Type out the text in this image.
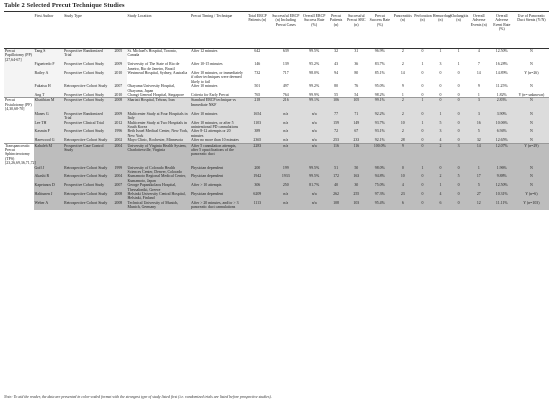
Table 2 Selected Precut Technique Studies
	First Author	Study Type		Study Location	Precut Timing / Technique	Total ERCP Patients (n)	Successful ERCP (n) Including Precut Cases	Overall ERCP Success Rate (%)	Precut Patients (n)	Successful Precut SBC (n)	Precut Success Rate (%)	Pancreatitis (n)	Perforation (n)	Hemorrhage (n)	Cholangitis (n)	Overall Adverse Events (n)	Overall Adverse Event Rate (%)	Use of Pancreatic Duct Stents (Y/N)
Precut Papillotomy (PP) [27,64-67]	Tang S	Prospective Randomized Trial	2005	St. Michael's Hospital, Toronto, Canada	After 12 minutes	642	639	99.5%	32	31	96.9%	2	0	1	1	4	12.50%	N
	Figueiredo F	Prospective Cohort Study	2009	University of The State of Rio de Janeiro, Rio de Janeiro, Brazil	After 10-15 minutes	146	139	95.2%	43	36	83.7%	2	1	3	1	7	16.28%	N
	Bailey A	Prospective Cohort Study	2010	Westmead Hospital, Sydney, Australia	After 10 minutes, or immediately if other techniques were deemed likely to fail	732	717	98.0%	94	80	85.1%	14	0	0	0	14	14.89%	Y (n=26)
	Fukatsu H	Retrospective Cohort Study	2007	Okayama University Hospital, Okayama, Japan	After 10 minutes	501	497	99.2%	80	76	95.0%	9	0	0	0	9	11.25%	N
	Ang T	Prospective Cohort Study	2010	Changi General Hospital, Singapore	Criteria for Early Precut	765	764	99.9%	55	54	98.2%	1	0	0	0	1	1.82%	Y (n= unknown)
Precut Fistulotomy (PF) [4,30,68-70]	Khatibian M	Prospective Cohort Study	2008	Shariati Hospital, Tehran, Iran	Standard ERCP technique vs Immediate NKF	218	216	99.1%	106	105	99.1%	2	1	0	0	3	2.83%	N
	Manes G	Prospective Randomized Trial	2009	Multicenter Study at Four Hospitals in Italy	After 10 minutes	1654	n/a	n/a	77	71	92.2%	2	0	1	0	3	3.90%	N
	Lee TH	Prospective Clinical Trial	2012	Multicenter Study at Two Hospitals in South Korea	After 10 minutes, or after 5 unintentional PD cannulations	1103	n/a	n/a	159	149	93.7%	10	1	5	0	16	10.06%	N
	Kasmin F	Prospective Cohort Study	1996	Beth Israel Medical Center, New York, New York	After 8-12 attempts or 20 minutes	389	n/a	n/a	72	67	93.1%	2	0	3	0	5	6.94%	N
	Harewood G	Retrospective Cohort Study	2002	Mayo Clinic, Rochester, Minnesota	After no more than 10 minutes	2365	n/a	n/a	253	233	92.1%	28	0	4	0	32	12.65%	N
Transpancreatic Precut Sphincterotomy (TPS) [23,26,69,36,71,72]	Kahaleh M	Prospective Case Control Study	2004	University of Virginia Health System, Charlottesville, Virginia	After 5 cannulation attempts, after 5 opacifications of the pancreatic duct	2283	n/a	n/a	116	116	100.0%	9	0	2	3	14	12.07%	Y (n=29)
	Goff J	Retrospective Cohort Study	1999	University of Colorado Health Sciences Center, Denver, Colorado	Physician dependent	200	199	99.5%	51	50	98.0%	0	1	0	0	1	1.96%	N
	Akashi R	Retrospective Cohort Study	2004	Kumamoto Regional Medical Center, Kumamoto, Japan	Physician dependent	1942	1933	99.5%	172	163	94.8%	10	0	2	5	17	9.88%	N
	Kapetanos D	Prospective Cohort Study	2007	George Papanikolaou Hospital, Thessaloniki, Greece	After > 10 attempts	306	250	81.7%	40	30	75.0%	4	0	1	0	5	12.50%	N
	Halttunen J	Retrospective Cohort Study	2008	Helsinki University Central Hospital, Helsinki, Finland	Physician dependent	6209	n/a	n/a	262	255	97.3%	23	0	4	0	27	10.31%	Y (n=6)
	Weber A	Retrospective Cohort Study	2008	Technical University of Munich, Munich, Germany	After > 20 minutes, and/or > 3 pancreatic duct cannulations	1113	n/a	n/a	108	103	95.4%	6	0	6	0	12	11.11%	Y (n=103)
Note: To aid the reader, the data are presented in color-coded format with the strongest type of study listed first (i.e. randomized trials are listed before prospective studies).
